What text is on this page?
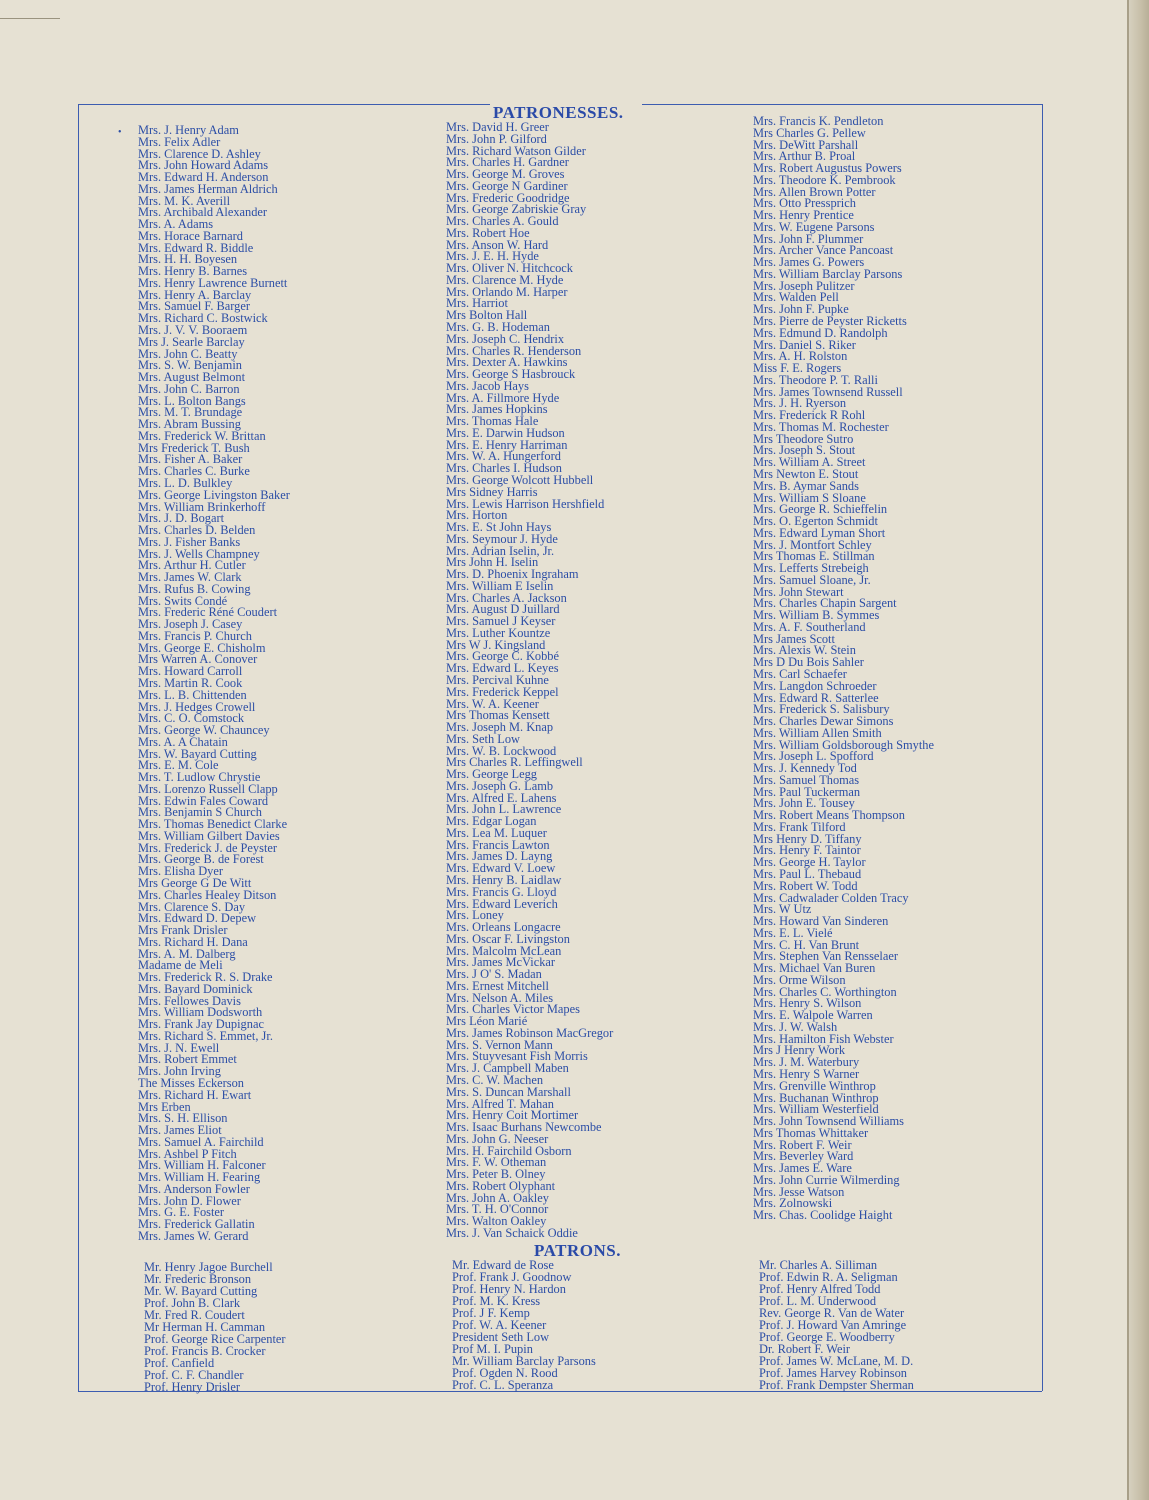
•
PATRONESSES.
PATRONS.
Mrs. J. Henry Adam
Mrs. Felix Adler
Mrs. Clarence D. Ashley
Mrs. John Howard Adams
Mrs. Edward H. Anderson
Mrs. James Herman Aldrich
Mrs. M. K. Averill
Mrs. Archibald Alexander
Mrs. A. Adams
Mrs. Horace Barnard
Mrs. Edward R. Biddle
Mrs. H. H. Boyesen
Mrs. Henry B. Barnes
Mrs. Henry Lawrence Burnett
Mrs. Henry A. Barclay
Mrs. Samuel F. Barger
Mrs. Richard C. Bostwick
Mrs. J. V. V. Booraem
Mrs J. Searle Barclay
Mrs. John C. Beatty
Mrs. S. W. Benjamin
Mrs. August Belmont
Mrs. John C. Barron
Mrs. L. Bolton Bangs
Mrs. M. T. Brundage
Mrs. Abram Bussing
Mrs. Frederick W. Brittan
Mrs Frederick T. Bush
Mrs. Fisher A. Baker
Mrs. Charles C. Burke
Mrs. L. D. Bulkley
Mrs. George Livingston Baker
Mrs. William Brinkerhoff
Mrs. J. D. Bogart
Mrs. Charles D. Belden
Mrs. J. Fisher Banks
Mrs. J. Wells Champney
Mrs. Arthur H. Cutler
Mrs. James W. Clark
Mrs. Rufus B. Cowing
Mrs. Swits Condé
Mrs. Frederic Réné Coudert
Mrs. Joseph J. Casey
Mrs. Francis P. Church
Mrs. George E. Chisholm
Mrs Warren A. Conover
Mrs. Howard Carroll
Mrs. Martin R. Cook
Mrs. L. B. Chittenden
Mrs. J. Hedges Crowell
Mrs. C. O. Comstock
Mrs. George W. Chauncey
Mrs. A. A Chatain
Mrs. W. Bayard Cutting
Mrs. E. M. Cole
Mrs. T. Ludlow Chrystie
Mrs. Lorenzo Russell Clapp
Mrs. Edwin Fales Coward
Mrs. Benjamin S Church
Mrs. Thomas Benedict Clarke
Mrs. William Gilbert Davies
Mrs. Frederick J. de Peyster
Mrs. George B. de Forest
Mrs. Elisha Dyer
Mrs George G De Witt
Mrs. Charles Healey Ditson
Mrs. Clarence S. Day
Mrs. Edward D. Depew
Mrs Frank Drisler
Mrs. Richard H. Dana
Mrs. A. M. Dalberg
Madame de Meli
Mrs. Frederick R. S. Drake
Mrs. Bayard Dominick
Mrs. Fellowes Davis
Mrs. William Dodsworth
Mrs. Frank Jay Dupignac
Mrs. Richard S. Emmet, Jr.
Mrs. J. N. Ewell
Mrs. Robert Emmet
Mrs. John Irving
The Misses Eckerson
Mrs. Richard H. Ewart
Mrs Erben
Mrs. S. H. Ellison
Mrs. James Eliot
Mrs. Samuel A. Fairchild
Mrs. Ashbel P Fitch
Mrs. William H. Falconer
Mrs. William H. Fearing
Mrs. Anderson Fowler
Mrs. John D. Flower
Mrs. G. E. Foster
Mrs. Frederick Gallatin
Mrs. James W. Gerard
Mrs. David H. Greer
Mrs. John P. Gilford
Mrs. Richard Watson Gilder
Mrs. Charles H. Gardner
Mrs. George M. Groves
Mrs. George N Gardiner
Mrs. Frederic Goodridge
Mrs. George Zabriskie Gray
Mrs. Charles A. Gould
Mrs. Robert Hoe
Mrs. Anson W. Hard
Mrs. J. E. H. Hyde
Mrs. Oliver N. Hitchcock
Mrs. Clarence M. Hyde
Mrs. Orlando M. Harper
Mrs. Harriot
Mrs Bolton Hall
Mrs. G. B. Hodeman
Mrs. Joseph C. Hendrix
Mrs. Charles R. Henderson
Mrs. Dexter A. Hawkins
Mrs. George S Hasbrouck
Mrs. Jacob Hays
Mrs. A. Fillmore Hyde
Mrs. James Hopkins
Mrs. Thomas Hale
Mrs. E. Darwin Hudson
Mrs. E. Henry Harriman
Mrs. W. A. Hungerford
Mrs. Charles I. Hudson
Mrs. George Wolcott Hubbell
Mrs Sidney Harris
Mrs. Lewis Harrison Hershfield
Mrs. Horton
Mrs. E. St John Hays
Mrs. Seymour J. Hyde
Mrs. Adrian Iselin, Jr.
Mrs John H. Iselin
Mrs. D. Phoenix Ingraham
Mrs. William E Iselin
Mrs. Charles A. Jackson
Mrs. August D Juillard
Mrs. Samuel J Keyser
Mrs. Luther Kountze
Mrs W J. Kingsland
Mrs. George C. Kobbé
Mrs. Edward L. Keyes
Mrs. Percival Kuhne
Mrs. Frederick Keppel
Mrs. W. A. Keener
Mrs Thomas Kensett
Mrs. Joseph M. Knap
Mrs. Seth Low
Mrs. W. B. Lockwood
Mrs Charles R. Leffingwell
Mrs. George Legg
Mrs. Joseph G. Lamb
Mrs. Alfred E. Lahens
Mrs. John L. Lawrence
Mrs. Edgar Logan
Mrs. Lea M. Luquer
Mrs. Francis Lawton
Mrs. James D. Layng
Mrs. Edward V. Loew
Mrs. Henry B. Laidlaw
Mrs. Francis G. Lloyd
Mrs. Edward Leverich
Mrs. Loney
Mrs. Orleans Longacre
Mrs. Oscar F. Livingston
Mrs. Malcolm McLean
Mrs. James McVickar
Mrs. J O' S. Madan
Mrs. Ernest Mitchell
Mrs. Nelson A. Miles
Mrs. Charles Victor Mapes
Mrs Léon Marié
Mrs. James Robinson MacGregor
Mrs. S. Vernon Mann
Mrs. Stuyvesant Fish Morris
Mrs. J. Campbell Maben
Mrs. C. W. Machen
Mrs. S. Duncan Marshall
Mrs. Alfred T. Mahan
Mrs. Henry Coit Mortimer
Mrs. Isaac Burhans Newcombe
Mrs. John G. Neeser
Mrs. H. Fairchild Osborn
Mrs. F. W. Otheman
Mrs. Peter B. Olney
Mrs. Robert Olyphant
Mrs. John A. Oakley
Mrs. T. H. O'Connor
Mrs. Walton Oakley
Mrs. J. Van Schaick Oddie
Mrs. Francis K. Pendleton
Mrs Charles G. Pellew
Mrs. DeWitt Parshall
Mrs. Arthur B. Proal
Mrs. Robert Augustus Powers
Mrs. Theodore K. Pembrook
Mrs. Allen Brown Potter
Mrs. Otto Pressprich
Mrs. Henry Prentice
Mrs. W. Eugene Parsons
Mrs. John F. Plummer
Mrs. Archer Vance Pancoast
Mrs. James G. Powers
Mrs. William Barclay Parsons
Mrs. Joseph Pulitzer
Mrs. Walden Pell
Mrs. John F. Pupke
Mrs. Pierre de Peyster Ricketts
Mrs. Edmund D. Randolph
Mrs. Daniel S. Riker
Mrs. A. H. Rolston
Miss F. E. Rogers
Mrs. Theodore P. T. Ralli
Mrs. James Townsend Russell
Mrs. J. H. Ryerson
Mrs. Frederick R Rohl
Mrs. Thomas M. Rochester
Mrs Theodore Sutro
Mrs. Joseph S. Stout
Mrs. William A. Street
Mrs Newton E. Stout
Mrs. B. Aymar Sands
Mrs. William S Sloane
Mrs. George R. Schieffelin
Mrs. O. Egerton Schmidt
Mrs. Edward Lyman Short
Mrs. J. Montfort Schley
Mrs Thomas E. Stillman
Mrs. Lefferts Strebeigh
Mrs. Samuel Sloane, Jr.
Mrs. John Stewart
Mrs. Charles Chapin Sargent
Mrs. William B. Symmes
Mrs. A. F. Southerland
Mrs James Scott
Mrs. Alexis W. Stein
Mrs D Du Bois Sahler
Mrs. Carl Schaefer
Mrs. Langdon Schroeder
Mrs. Edward R. Satterlee
Mrs. Frederick S. Salisbury
Mrs. Charles Dewar Simons
Mrs. William Allen Smith
Mrs. William Goldsborough Smythe
Mrs. Joseph L. Spofford
Mrs. J. Kennedy Tod
Mrs. Samuel Thomas
Mrs. Paul Tuckerman
Mrs. John E. Tousey
Mrs. Robert Means Thompson
Mrs. Frank Tilford
Mrs Henry D. Tiffany
Mrs. Henry F. Taintor
Mrs. George H. Taylor
Mrs. Paul L. Thebaud
Mrs. Robert W. Todd
Mrs. Cadwalader Colden Tracy
Mrs. W Utz
Mrs. Howard Van Sinderen
Mrs. E. L. Vielé
Mrs. C. H. Van Brunt
Mrs. Stephen Van Rensselaer
Mrs. Michael Van Buren
Mrs. Orme Wilson
Mrs. Charles C. Worthington
Mrs. Henry S. Wilson
Mrs. E. Walpole Warren
Mrs. J. W. Walsh
Mrs. Hamilton Fish Webster
Mrs J Henry Work
Mrs. J. M. Waterbury
Mrs. Henry S Warner
Mrs. Grenville Winthrop
Mrs. Buchanan Winthrop
Mrs. William Westerfield
Mrs. John Townsend Williams
Mrs Thomas Whittaker
Mrs. Robert F. Weir
Mrs. Beverley Ward
Mrs. James E. Ware
Mrs. John Currie Wilmerding
Mrs. Jesse Watson
Mrs. Zolnowski
Mrs. Chas. Coolidge Haight
Mr. Henry Jagoe Burchell
Mr. Frederic Bronson
Mr. W. Bayard Cutting
Prof. John B. Clark
Mr. Fred R. Coudert
Mr Herman H. Camman
Prof. George Rice Carpenter
Prof. Francis B. Crocker
Prof. Canfield
Prof. C. F. Chandler
Prof. Henry Drisler
Mr. Edward de Rose
Prof. Frank J. Goodnow
Prof. Henry N. Hardon
Prof. M. K. Kress
Prof. J F. Kemp
Prof. W. A. Keener
President Seth Low
Prof M. I. Pupin
Mr. William Barclay Parsons
Prof. Ogden N. Rood
Prof. C. L. Speranza
Mr. Charles A. Silliman
Prof. Edwin R. A. Seligman
Prof. Henry Alfred Todd
Prof. L. M. Underwood
Rev. George R. Van de Water
Prof. J. Howard Van Amringe
Prof. George E. Woodberry
Dr. Robert F. Weir
Prof. James W. McLane, M. D.
Prof. James Harvey Robinson
Prof. Frank Dempster Sherman
